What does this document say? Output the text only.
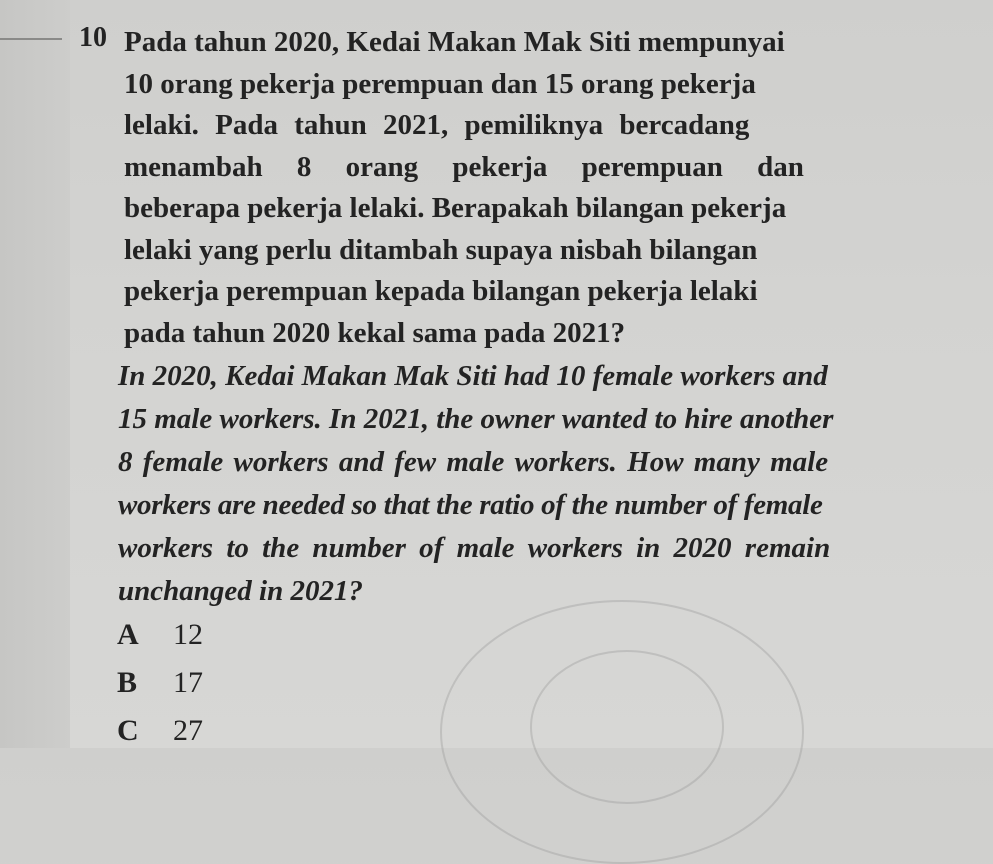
10 Pada tahun 2020, Kedai Makan Mak Siti mempunyai
10 orang pekerja perempuan dan 15 orang pekerja
lelaki. Pada tahun 2021, pemiliknya bercadang
menambah 8 orang pekerja perempuan dan
beberapa pekerja lelaki. Berapakah bilangan pekerja
lelaki yang perlu ditambah supaya nisbah bilangan
pekerja perempuan kepada bilangan pekerja lelaki
pada tahun 2020 kekal sama pada 2021?
In 2020, Kedai Makan Mak Siti had 10 female workers and
15 male workers. In 2021, the owner wanted to hire another
8 female workers and few male workers. How many male
workers are needed so that the ratio of the number of female
workers to the number of male workers in 2020 remain
unchanged in 2021?
A 12
B 17
C 27
